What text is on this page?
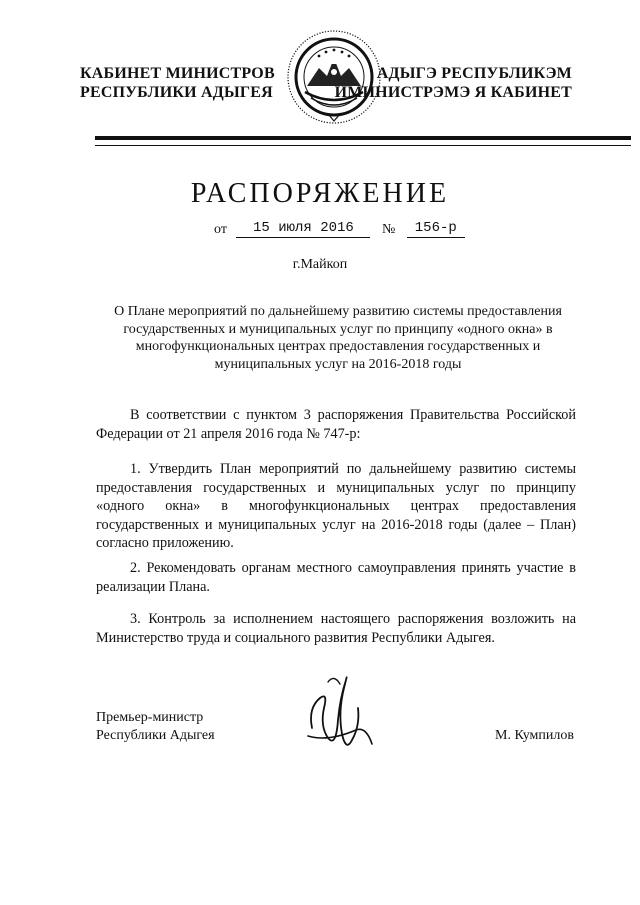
КАБИНЕТ МИНИСТРОВ
РЕСПУБЛИКИ АДЫГЕЯ
АДЫГЭ РЕСПУБЛИКЭМ
ИМИНИСТРЭМЭ Я КАБИНЕТ
РАСПОРЯЖЕНИЕ
от 15 июля 2016 № 156-р
г.Майкоп
О Плане мероприятий по дальнейшему развитию системы предоставления
государственных и муниципальных услуг по принципу «одного окна» в
многофункциональных центрах предоставления государственных и
муниципальных услуг на 2016-2018 годы
В соответствии с пунктом 3 распоряжения Правительства Российской
Федерации от 21 апреля 2016 года № 747-р:
1. Утвердить План мероприятий по дальнейшему развитию системы
предоставления государственных и муниципальных услуг по принципу «одного окна» в многофункциональных центрах предоставления государственных и муниципальных услуг на 2016-2018 годы (далее – План)
согласно приложению.
2. Рекомендовать органам местного самоуправления принять участие в
реализации Плана.
3. Контроль за исполнением настоящего распоряжения возложить на
Министерство труда и социального развития Республики Адыгея.
Премьер-министр
Республики Адыгея	М. Кумпилов
